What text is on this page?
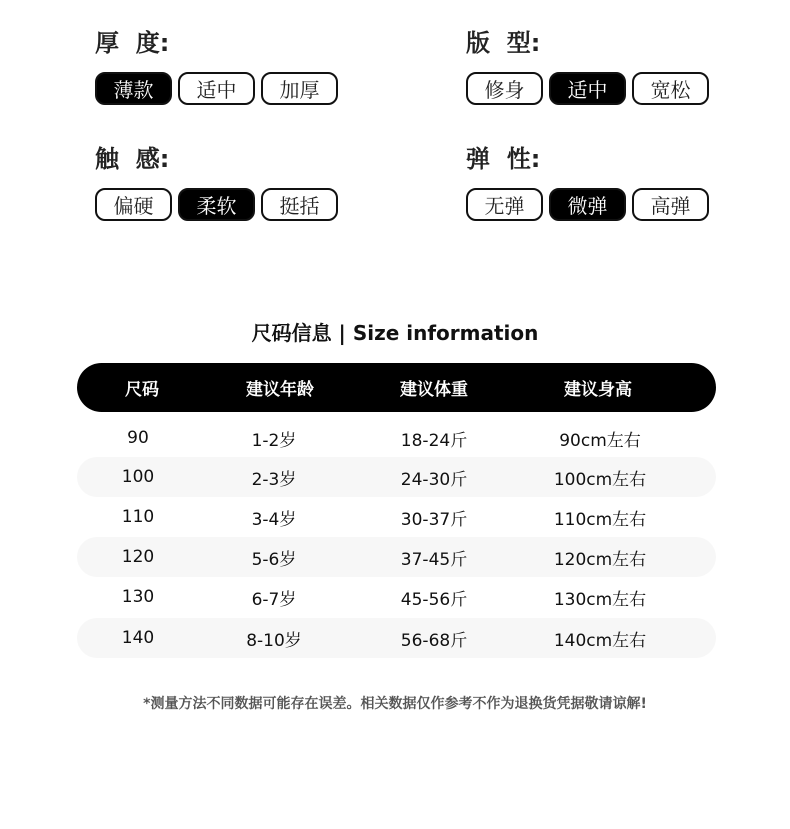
厚  度:
薄款	适中	加厚
版  型:
修身	适中	宽松
触  感:
偏硬	柔软	挺括
弹  性:
无弹	微弹	高弹
尺码信息 | Size information
尺码	建议年龄	建议体重	建议身高
90	1-2岁	18-24斤	90cm左右
100	2-3岁	24-30斤	100cm左右
110	3-4岁	30-37斤	110cm左右
120	5-6岁	37-45斤	120cm左右
130	6-7岁	45-56斤	130cm左右
140	8-10岁	56-68斤	140cm左右
*测量方法不同数据可能存在误差。相关数据仅作参考不作为退换货凭据敬请谅解!
